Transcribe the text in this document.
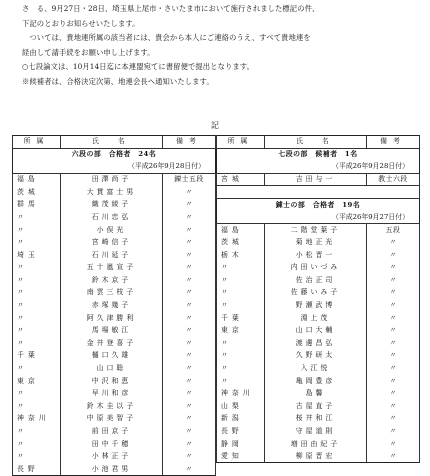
さ　る、9月27日・28日、埼玉県上尾市・さいたま市において施行されました標記の件、
下記のとおりお知らせいたします。
　ついては、貴地連所属の該当者には、貴会から本人にご連絡のうえ、すべて貴地連を
経由して請手続をお願い申し上げます。
○七段論文は、10月14日迄に本連盟宛てに書留便で提出となります。
※候補者は、合格決定次第、地連会長へ通知いたします。
記
所属	氏　名	備考
六段の部　合格者　24名		
（平成26年9月28日付）		
福島	田澤尚子	錬士五段
茨城	大貫富士男	〃
群馬	織茂綾子	〃
〃	石川忠弘	〃
〃	小俣光	〃
〃	宮崎信子	〃
埼玉	石川延子	〃
〃	五十嵐宣子	〃
〃	鈴木京子	〃
〃	南雲三枝子	〃
〃	赤塚幾子	〃
〃	阿久津勝利	〃
〃	馬場敏江	〃
〃	金井登喜子	〃
千葉	樋口久雄	〃
〃	山口聡	〃
東京	中沢和恵	〃
〃	早川和彦	〃
〃	鈴木圭以子	〃
神奈川	中原美智子	〃
〃	前田京子	〃
〃	田中千穂	〃
〃	小林正子	〃
長野	小池君男	〃
所属	氏　名	備考
七段の部　候補者　1名		
（平成26年9月28日付）		
宮城	吉田与一	教士六段

錬士の部　合格者　19名		
（平成26年9月27日付）		
福島	二階堂葉子	五段
茨城	菊地正光	〃
栃木	小松晋一	〃
〃	内田いづみ	〃
〃	佐治正司	〃
〃	佐藤いみ子	〃
〃	野瀬武博	〃
千葉	淵上茂	〃
東京	山口大輔	〃
〃	渡邊昌弘	〃
〃	久野研太	〃
〃	入江悦	〃
〃	亀岡豊彦	〃
神奈川	島馨	〃
山梨	古屋直子	〃
新潟	桜井和江	〃
長野	守屋道則	〃
静岡	増田由紀子	〃
愛知	柳原晋宏	〃
